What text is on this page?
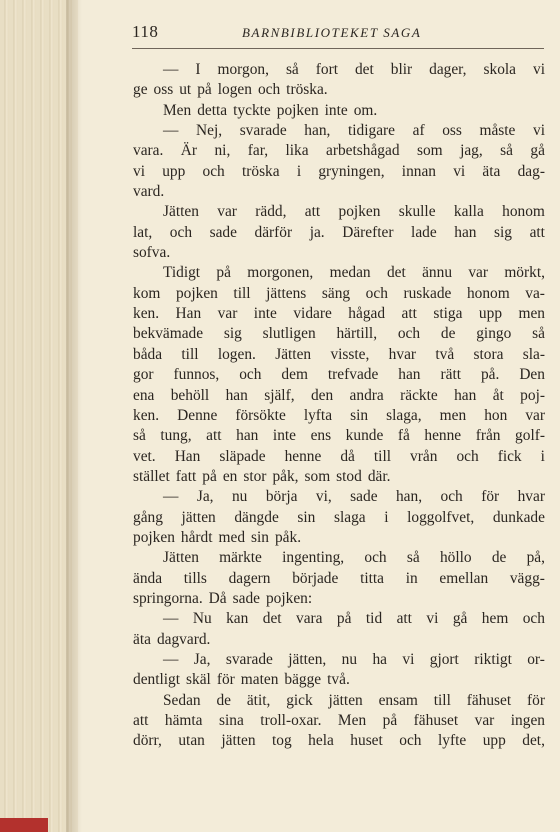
118	BARNBIBLIOTEKET SAGA
— I morgon, så fort det blir dager, skola vi
ge oss ut på logen och tröska.
Men detta tyckte pojken inte om.
— Nej, svarade han, tidigare af oss måste vi
vara. Är ni, far, lika arbetshågad som jag, så gå
vi upp och tröska i gryningen, innan vi äta dag-
vard.
Jätten var rädd, att pojken skulle kalla honom
lat, och sade därför ja. Därefter lade han sig att
sofva.
Tidigt på morgonen, medan det ännu var mörkt,
kom pojken till jättens säng och ruskade honom va-
ken. Han var inte vidare hågad att stiga upp men
bekvämade sig slutligen härtill, och de gingo så
båda till logen. Jätten visste, hvar två stora sla-
gor funnos, och dem trefvade han rätt på. Den
ena behöll han själf, den andra räckte han åt poj-
ken. Denne försökte lyfta sin slaga, men hon var
så tung, att han inte ens kunde få henne från golf-
vet. Han släpade henne då till vrån och fick i
stället fatt på en stor påk, som stod där.
— Ja, nu börja vi, sade han, och för hvar
gång jätten dängde sin slaga i loggolfvet, dunkade
pojken hårdt med sin påk.
Jätten märkte ingenting, och så höllo de på,
ända tills dagern började titta in emellan vägg-
springorna. Då sade pojken:
— Nu kan det vara på tid att vi gå hem och
äta dagvard.
— Ja, svarade jätten, nu ha vi gjort riktigt or-
dentligt skäl för maten bägge två.
Sedan de ätit, gick jätten ensam till fähuset för
att hämta sina troll-oxar. Men på fähuset var ingen
dörr, utan jätten tog hela huset och lyfte upp det,
